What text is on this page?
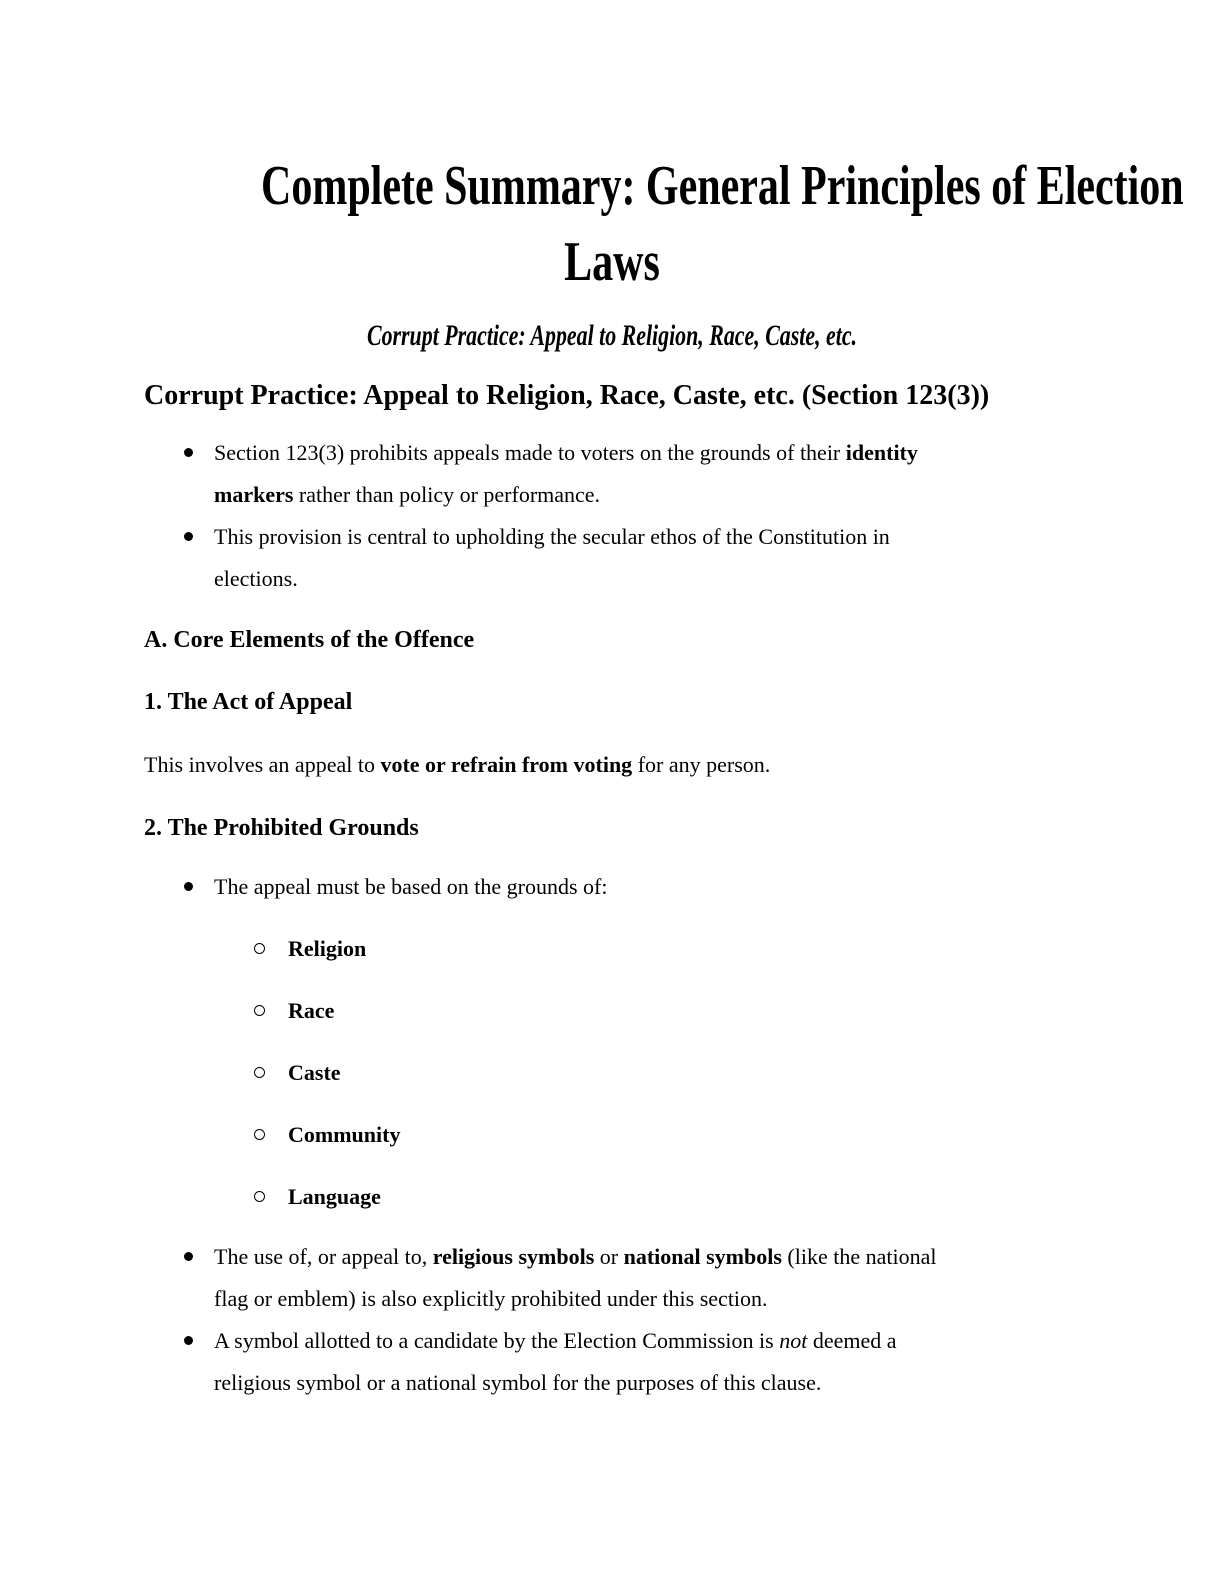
Complete Summary: General Principles of Election
Laws
Corrupt Practice: Appeal to Religion, Race, Caste, etc.
Corrupt Practice: Appeal to Religion, Race, Caste, etc. (Section 123(3))
Section 123(3) prohibits appeals made to voters on the grounds of their identity
markers rather than policy or performance.
This provision is central to upholding the secular ethos of the Constitution in
elections.
A. Core Elements of the Offence
1. The Act of Appeal
This involves an appeal to vote or refrain from voting for any person.
2. The Prohibited Grounds
The appeal must be based on the grounds of:
Religion
Race
Caste
Community
Language
The use of, or appeal to, religious symbols or national symbols (like the national
flag or emblem) is also explicitly prohibited under this section.
A symbol allotted to a candidate by the Election Commission is not deemed a
religious symbol or a national symbol for the purposes of this clause.
